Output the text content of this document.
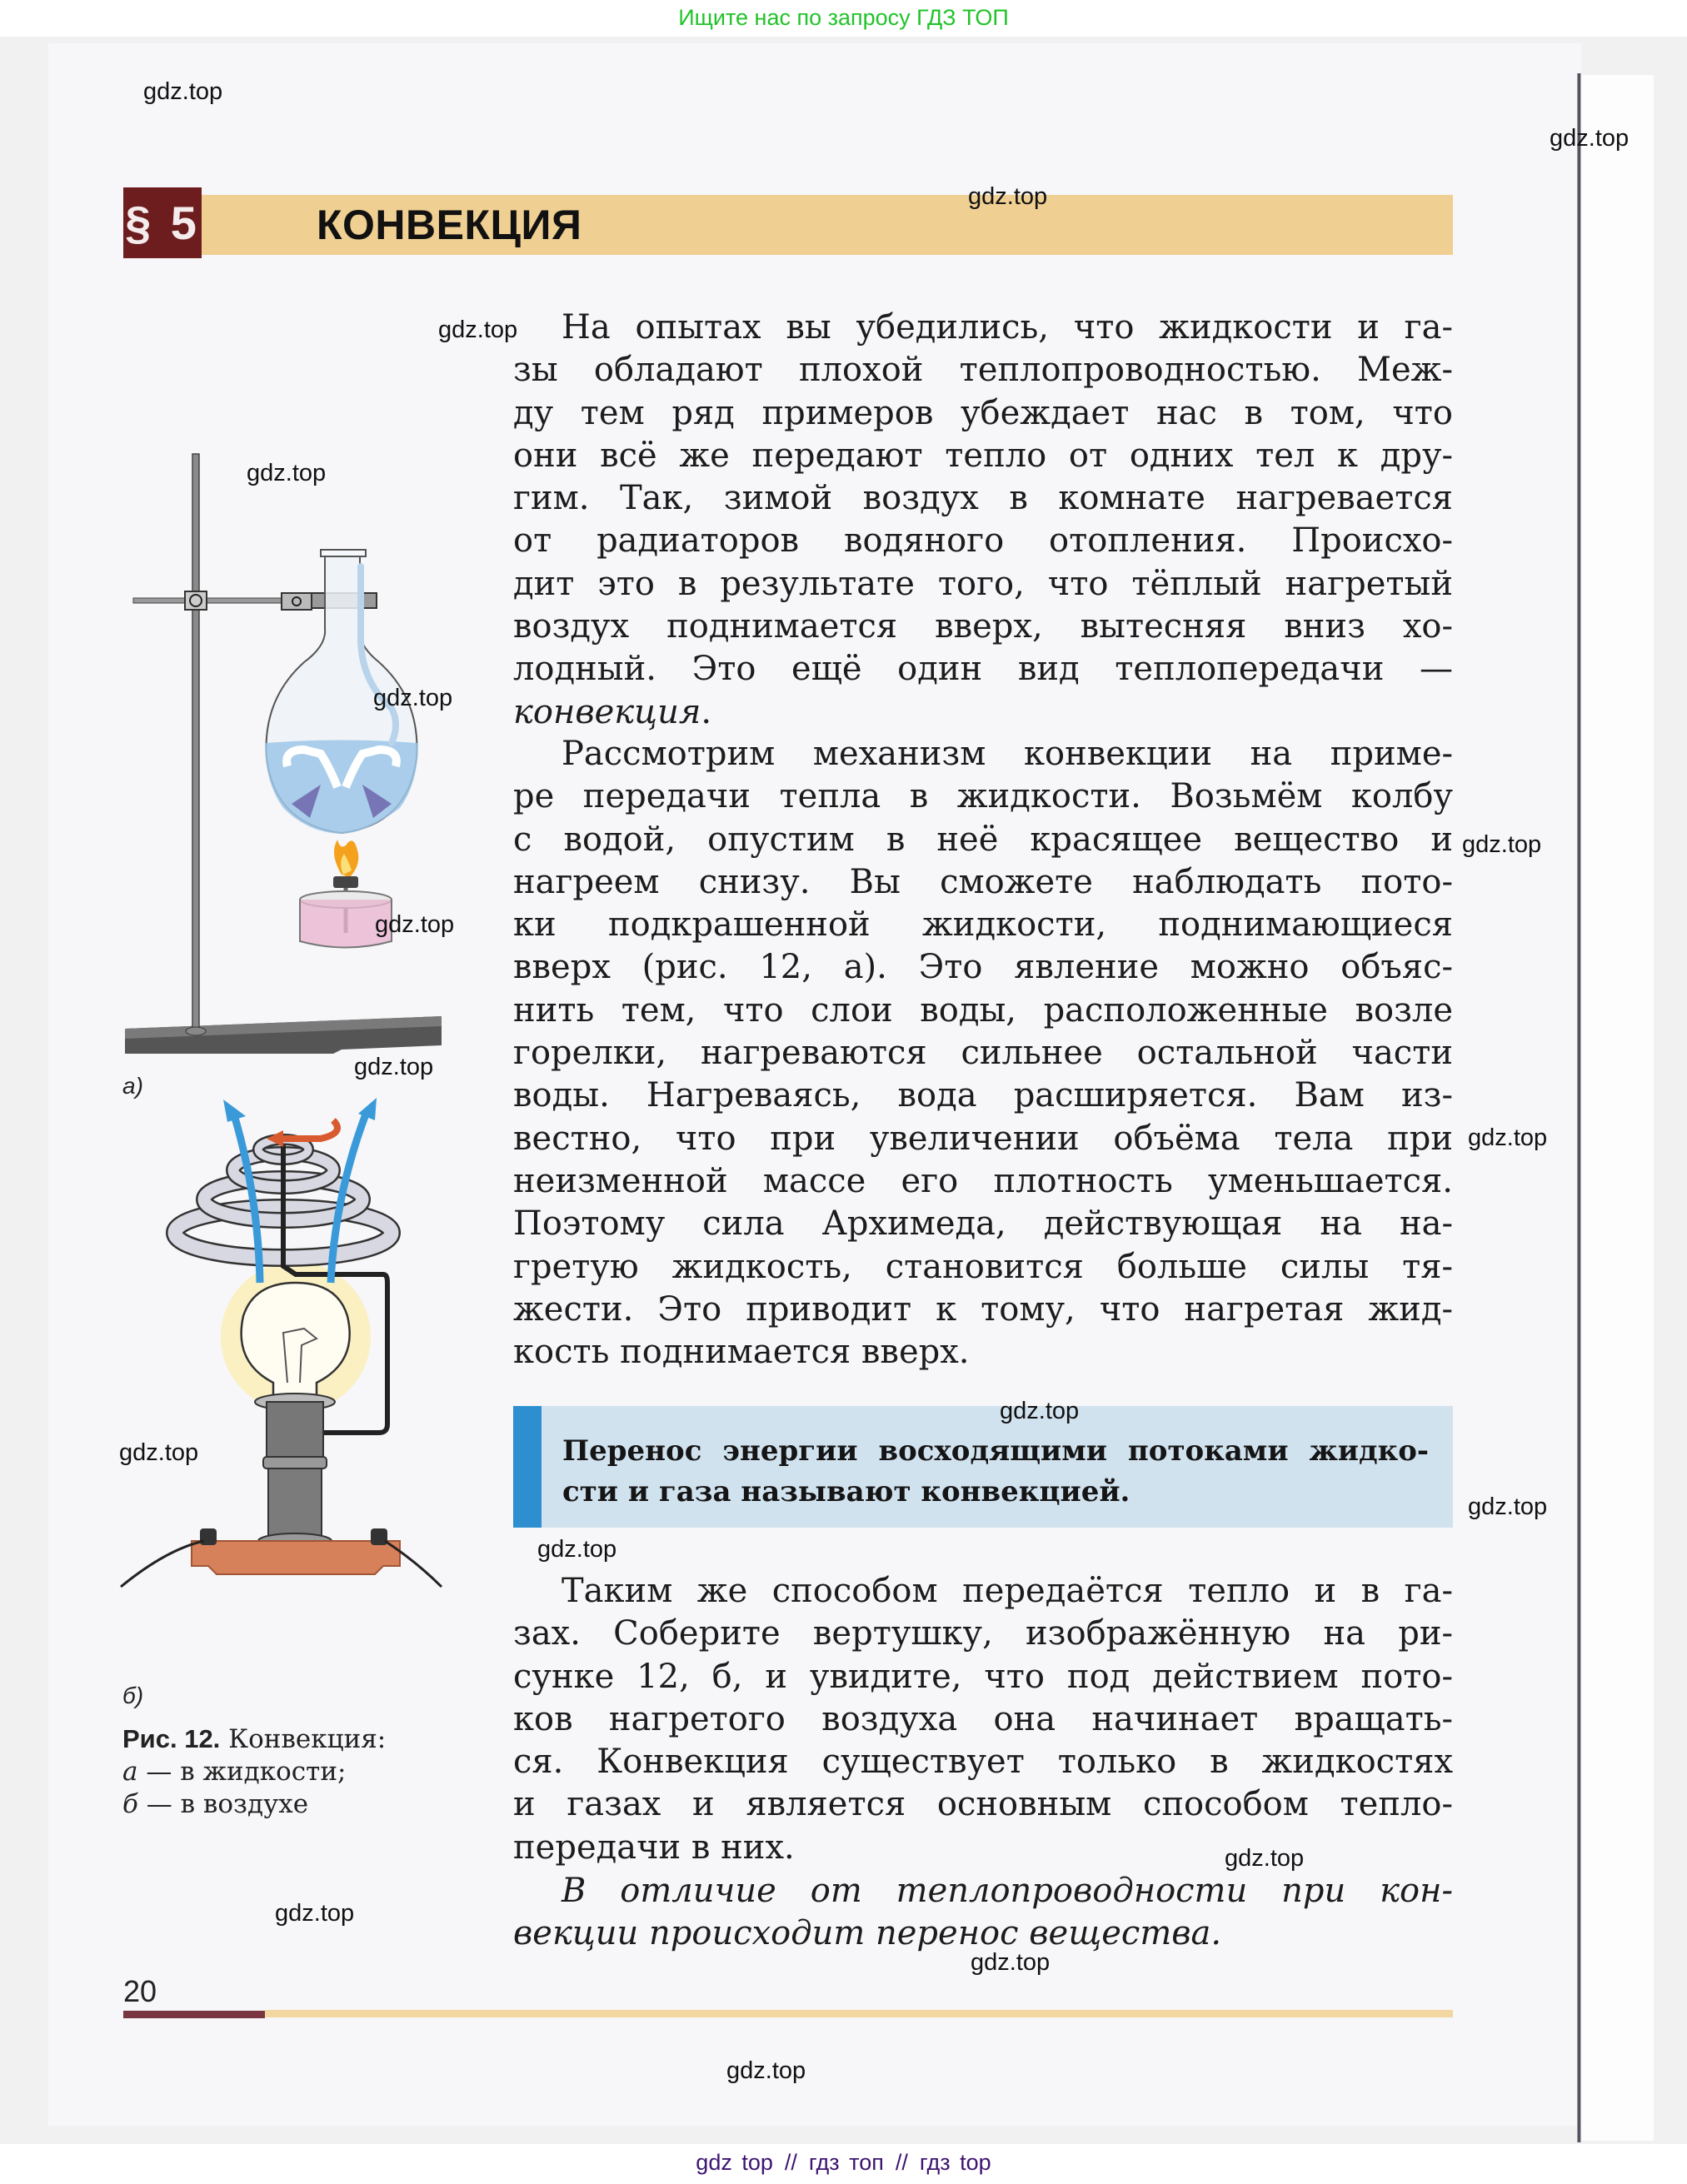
Ищите нас по запросу ГДЗ ТОП
§ 5	КОНВЕКЦИЯ
На опытах вы убедились, что жидкости и га-
зы обладают плохой теплопроводностью. Меж-
ду тем ряд примеров убеждает нас в том, что
они всё же передают тепло от одних тел к дру-
гим. Так, зимой воздух в комнате нагревается
от радиаторов водяного отопления. Происхо-
дит это в результате того, что тёплый нагретый
воздух поднимается вверх, вытесняя вниз хо-
лодный. Это ещё один вид теплопередачи —
конвекция.
Рассмотрим механизм конвекции на приме-
ре передачи тепла в жидкости. Возьмём колбу
с водой, опустим в неё красящее вещество и
нагреем снизу. Вы сможете наблюдать пото-
ки подкрашенной жидкости, поднимающиеся
вверх (рис. 12, а). Это явление можно объяс-
нить тем, что слои воды, расположенные возле
горелки, нагреваются сильнее остальной части
воды. Нагреваясь, вода расширяется. Вам из-
вестно, что при увеличении объёма тела при
неизменной массе его плотность уменьшается.
Поэтому сила Архимеда, действующая на на-
гретую жидкость, становится больше силы тя-
жести. Это приводит к тому, что нагретая жид-
кость поднимается вверх.
Перенос энергии восходящими потоками жидко-
сти и газа называют конвекцией.
Таким же способом передаётся тепло и в га-
зах. Соберите вертушку, изображённую на ри-
сунке 12, б, и увидите, что под действием пото-
ков нагретого воздуха она начинает вращать-
ся. Конвекция существует только в жидкостях
и газах и является основным способом тепло-
передачи в них.
В отличие от теплопроводности при кон-
векции происходит перенос вещества.
а)
б)
Рис. 12. Конвекция:
а — в жидкости;
б — в воздухе
20
gdz.top
gdz.top
gdz.top
gdz.top
gdz.top
gdz.top
gdz.top
gdz.top
gdz.top
gdz.top
gdz.top
gdz.top
gdz.top
gdz.top
gdz.top
gdz.top
gdz.top
gdz.top
gdz top // гдз топ // гдз top
